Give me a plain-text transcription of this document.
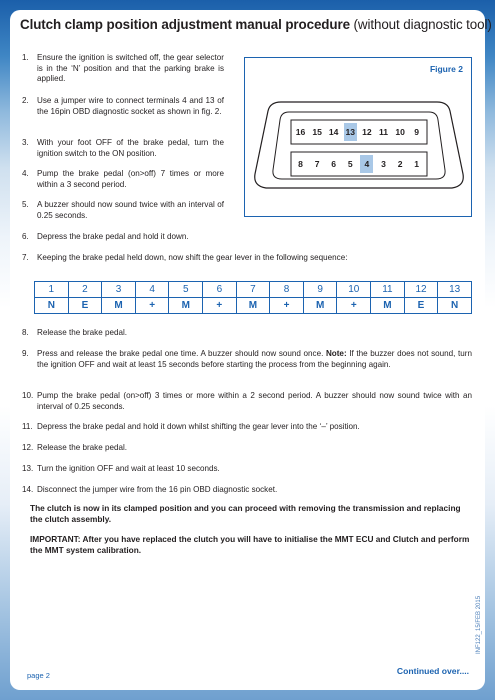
Clutch clamp position adjustment manual procedure (without diagnostic tool)
1.	Ensure the ignition is switched off, the gear selector is in the ‘N’ position and that the parking brake is applied.
2.	Use a jumper wire to connect terminals 4 and 13 of the 16pin OBD diagnostic socket as shown in fig. 2.
3.	With your foot OFF of the brake pedal, turn the ignition switch to the ON position.
4.	Pump the brake pedal (on>off) 7 times or more within a 3 second period.
5.	A buzzer should now sound twice with an interval of 0.25 seconds.
Figure 2
16 15 14 13 12 11 10	9
8	7	6	5	4	3	2	1
6.	Depress the brake pedal and hold it down.
7.	Keeping the brake pedal held down, now shift the gear lever in the following sequence:
1	2	3	4	5	6	7	8	9	10	11	12	13
N	E	M	+	M	+	M	+	M	+	M	E	N
8.	Release the brake pedal.
9.	Press and release the brake pedal one time. A buzzer should now sound once. Note: If the buzzer does not sound, turn the ignition OFF and wait at least 15 seconds before starting the process from the beginning again.
10. Pump the brake pedal (on>off) 3 times or more within a 2 second period. A buzzer should now sound twice with an interval of 0.25 seconds.
11. Depress the brake pedal and hold it down whilst shifting the gear lever into the ‘–’ position.
12. Release the brake pedal.
13. Turn the ignition OFF and wait at least 10 seconds.
14. Disconnect the jumper wire from the 16 pin OBD diagnostic socket.
The clutch is now in its clamped position and you can proceed with removing the transmission and replacing the clutch assembly.
IMPORTANT: After you have replaced the clutch you will have to initialise the MMT ECU and Clutch and perform the MMT system calibration.
page 2	Continued over....
